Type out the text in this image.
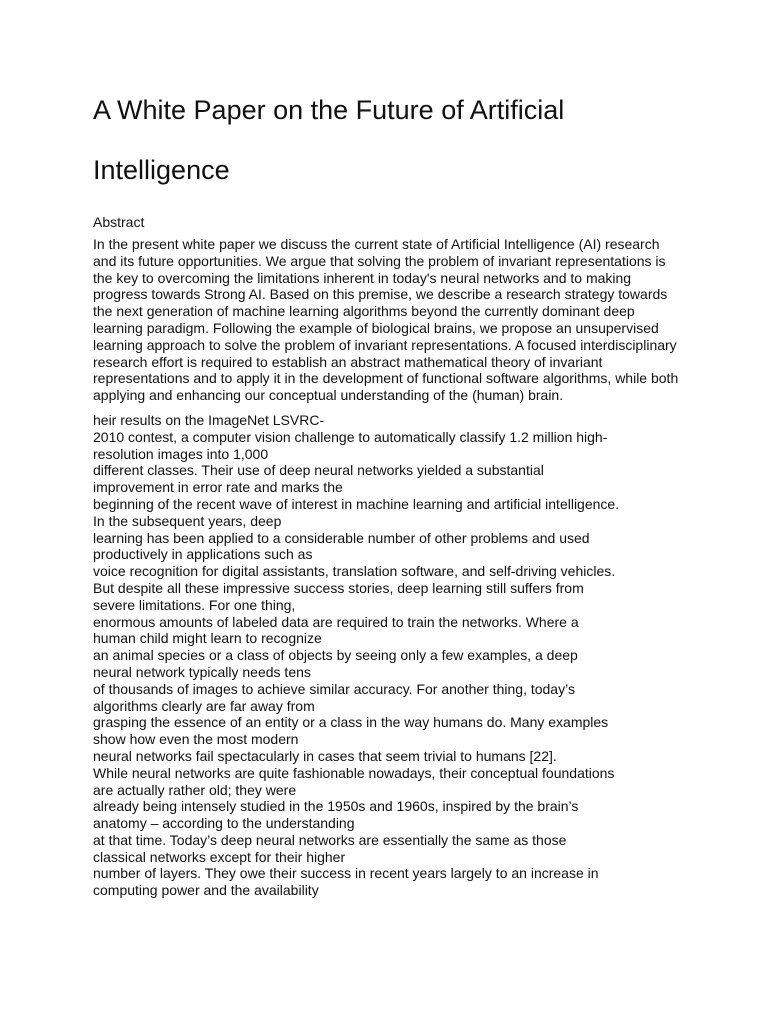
A White Paper on the Future of Artificial Intelligence

Abstract

In the present white paper we discuss the current state of Artificial Intelligence (AI) research and its future opportunities. We argue that solving the problem of invariant representations is the key to overcoming the limitations inherent in today's neural networks and to making progress towards Strong AI. Based on this premise, we describe a research strategy towards the next generation of machine learning algorithms beyond the currently dominant deep learning paradigm. Following the example of biological brains, we propose an unsupervised learning approach to solve the problem of invariant representations. A focused interdisciplinary research effort is required to establish an abstract mathematical theory of invariant representations and to apply it in the development of functional software algorithms, while both applying and enhancing our conceptual understanding of the (human) brain.

heir results on the ImageNet LSVRC-
2010 contest, a computer vision challenge to automatically classify 1.2 million high-
resolution images into 1,000
different classes. Their use of deep neural networks yielded a substantial
improvement in error rate and marks the
beginning of the recent wave of interest in machine learning and artificial intelligence.
In the subsequent years, deep
learning has been applied to a considerable number of other problems and used
productively in applications such as
voice recognition for digital assistants, translation software, and self-driving vehicles.
But despite all these impressive success stories, deep learning still suffers from
severe limitations. For one thing,
enormous amounts of labeled data are required to train the networks. Where a
human child might learn to recognize
an animal species or a class of objects by seeing only a few examples, a deep
neural network typically needs tens
of thousands of images to achieve similar accuracy. For another thing, today’s
algorithms clearly are far away from
grasping the essence of an entity or a class in the way humans do. Many examples
show how even the most modern
neural networks fail spectacularly in cases that seem trivial to humans [22].
While neural networks are quite fashionable nowadays, their conceptual foundations
are actually rather old; they were
already being intensely studied in the 1950s and 1960s, inspired by the brain’s
anatomy – according to the understanding
at that time. Today’s deep neural networks are essentially the same as those
classical networks except for their higher
number of layers. They owe their success in recent years largely to an increase in
computing power and the availability
